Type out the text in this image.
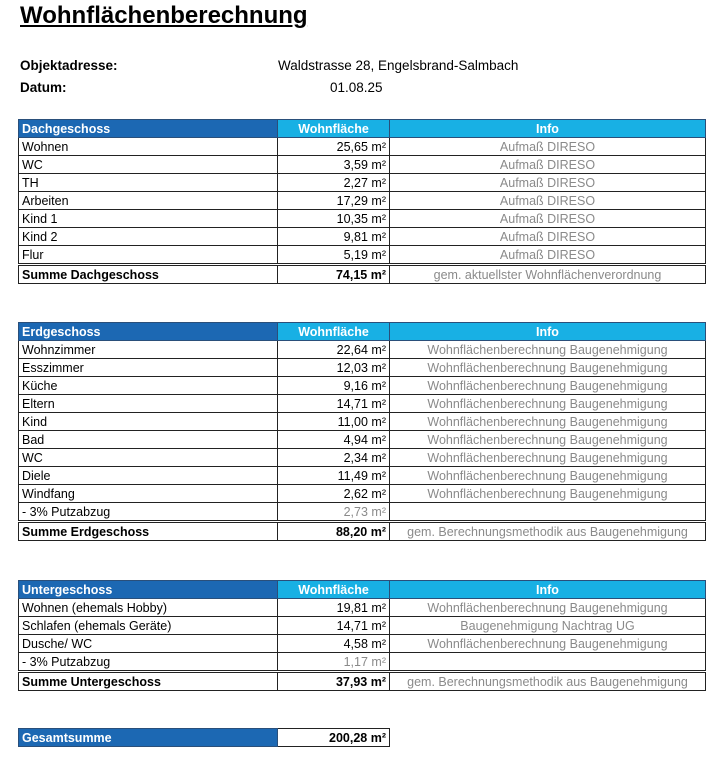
Wohnflächenberechnung
Objektadresse:	Waldstrasse 28, Engelsbrand-Salmbach
Datum:	01.08.25
Dachgeschoss	Wohnfläche	Info
Wohnen	25,65 m²	Aufmaß DIRESO
WC	3,59 m²	Aufmaß DIRESO
TH	2,27 m²	Aufmaß DIRESO
Arbeiten	17,29 m²	Aufmaß DIRESO
Kind 1	10,35 m²	Aufmaß DIRESO
Kind 2	9,81 m²	Aufmaß DIRESO
Flur	5,19 m²	Aufmaß DIRESO
Summe Dachgeschoss	74,15 m²	gem. aktuellster Wohnflächenverordnung
Erdgeschoss	Wohnfläche	Info
Wohnzimmer	22,64 m²	Wohnflächenberechnung Baugenehmigung
Esszimmer	12,03 m²	Wohnflächenberechnung Baugenehmigung
Küche	9,16 m²	Wohnflächenberechnung Baugenehmigung
Eltern	14,71 m²	Wohnflächenberechnung Baugenehmigung
Kind	11,00 m²	Wohnflächenberechnung Baugenehmigung
Bad	4,94 m²	Wohnflächenberechnung Baugenehmigung
WC	2,34 m²	Wohnflächenberechnung Baugenehmigung
Diele	11,49 m²	Wohnflächenberechnung Baugenehmigung
Windfang	2,62 m²	Wohnflächenberechnung Baugenehmigung
- 3% Putzabzug	2,73 m²	
Summe Erdgeschoss	88,20 m²	gem. Berechnungsmethodik aus Baugenehmigung
Untergeschoss	Wohnfläche	Info
Wohnen (ehemals Hobby)	19,81 m²	Wohnflächenberechnung Baugenehmigung
Schlafen (ehemals Geräte)	14,71 m²	Baugenehmigung Nachtrag UG
Dusche/ WC	4,58 m²	Wohnflächenberechnung Baugenehmigung
- 3% Putzabzug	1,17 m²	
Summe Untergeschoss	37,93 m²	gem. Berechnungsmethodik aus Baugenehmigung
Gesamtsumme	200,28 m²
